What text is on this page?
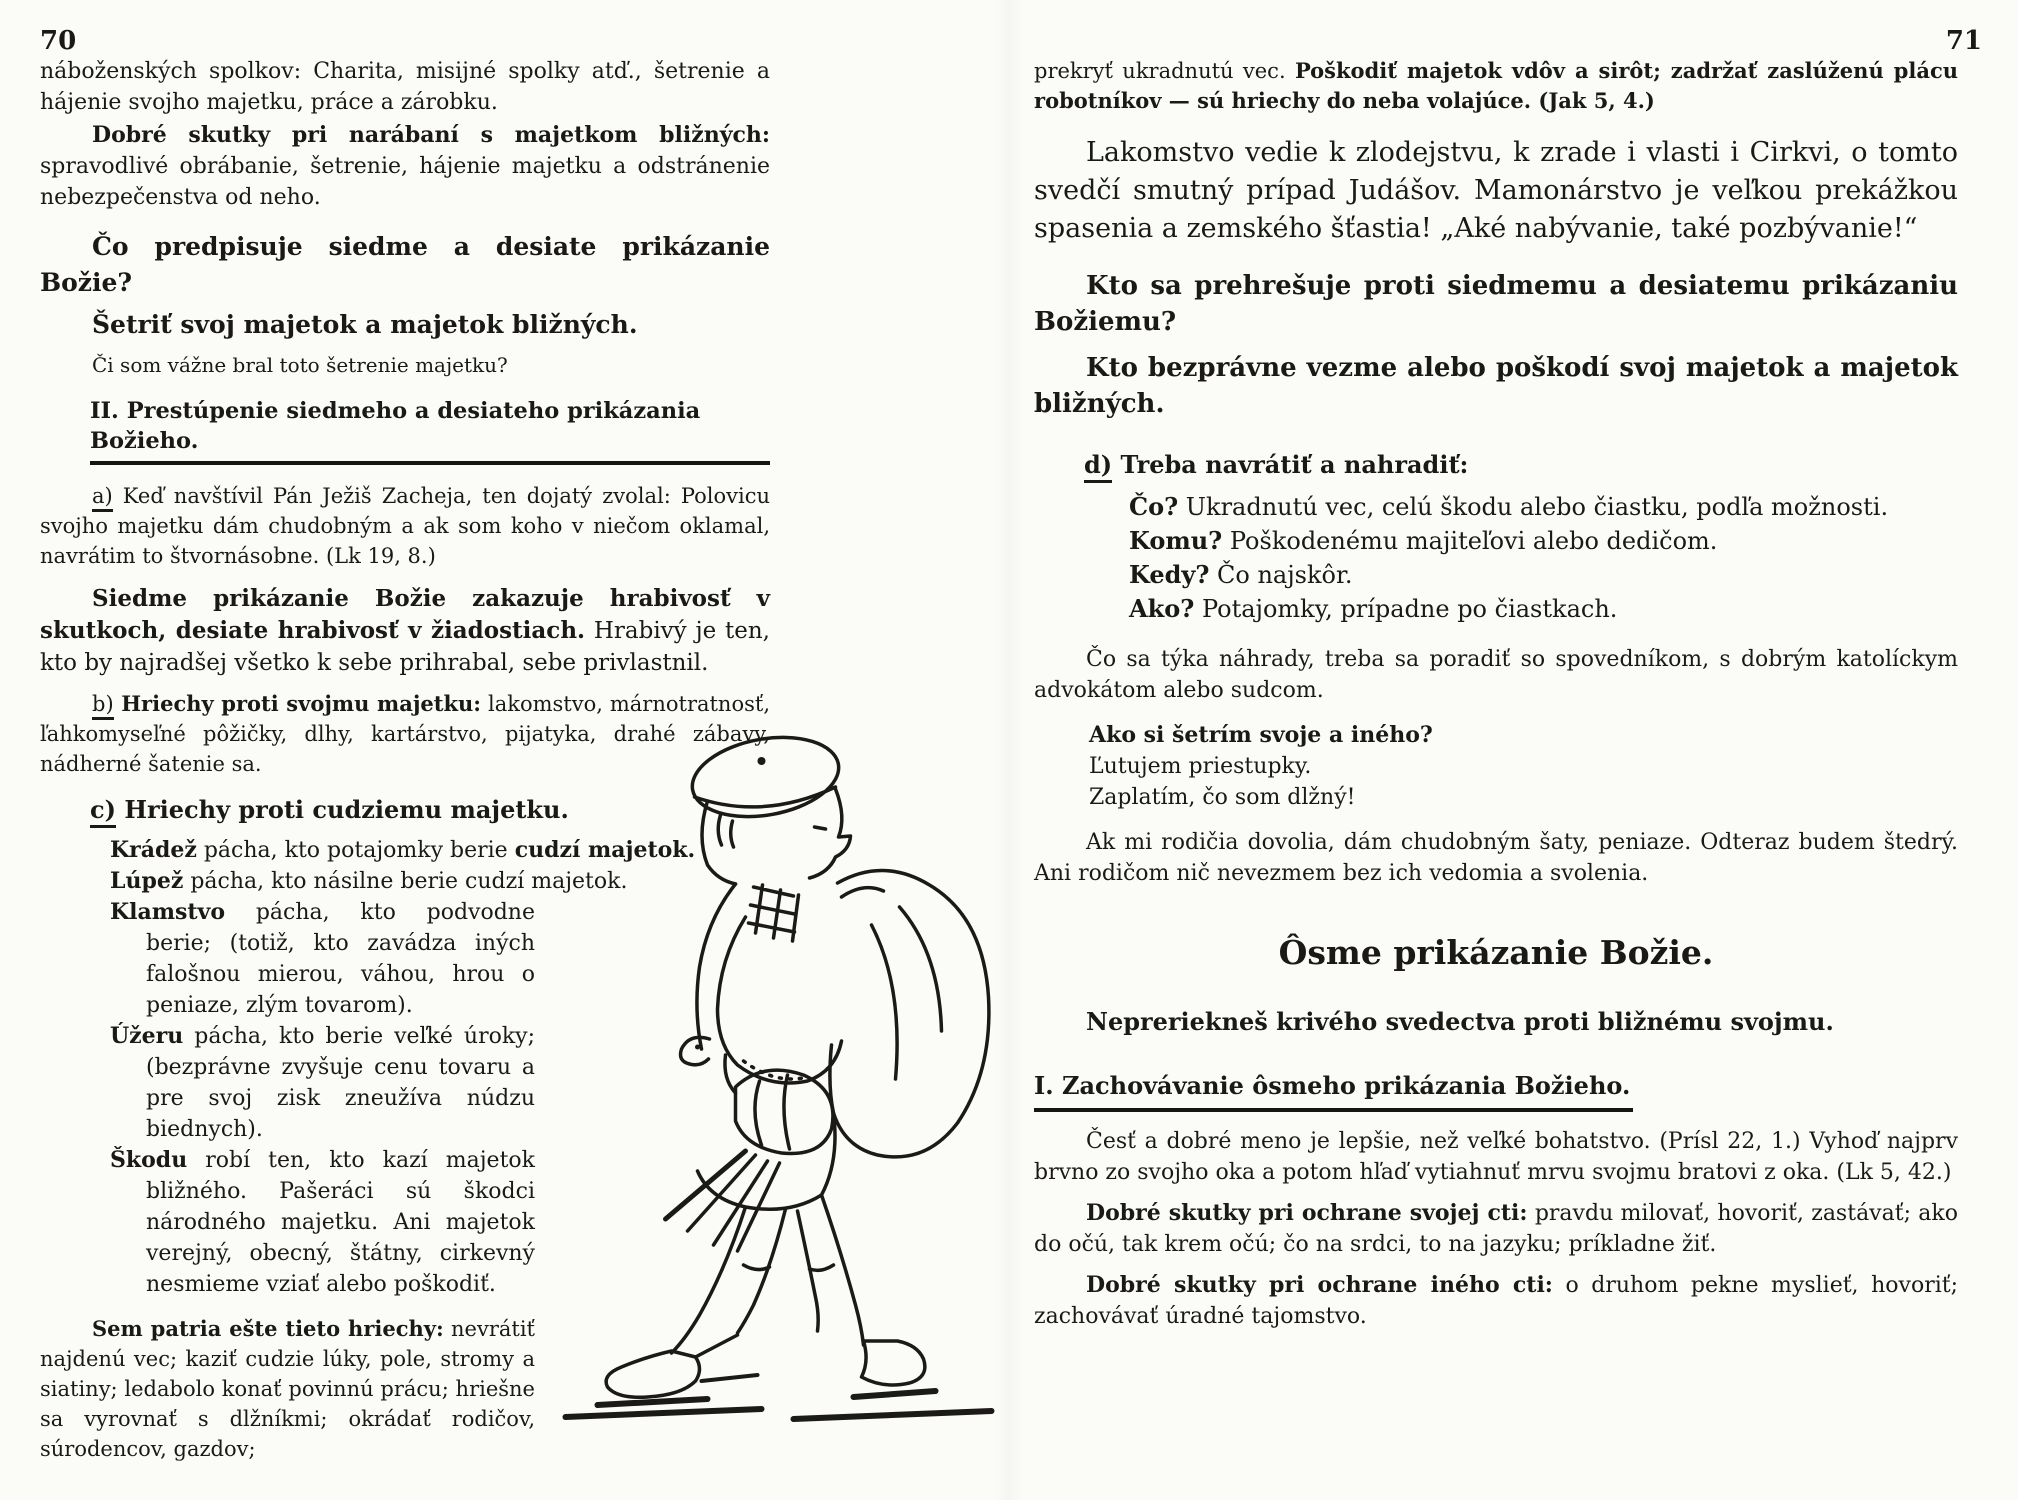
70

náboženských spolkov: Charita, misijné spolky atď., šetrenie a hájenie svojho majetku, práce a zárobku.

Dobré skutky pri narábaní s majetkom bližných: spravodlivé obrábanie, šetrenie, hájenie majetku a odstránenie nebezpečenstva od neho.

Čo predpisuje siedme a desiate prikázanie Božie?

Šetriť svoj majetok a majetok bližných.

Či som vážne bral toto šetrenie majetku?

II. Prestúpenie siedmeho a desiateho prikázania Božieho.

a) Keď navštívil Pán Ježiš Zacheja, ten dojatý zvolal: Polovicu svojho majetku dám chudobným a ak som koho v niečom oklamal, navrátim to štvornásobne. (Lk 19, 8.)

Siedme prikázanie Božie zakazuje hrabivosť v skutkoch, desiate hrabivosť v žiadostiach. Hrabivý je ten, kto by najradšej všetko k sebe prihrabal, sebe privlastnil.

b) Hriechy proti svojmu majetku: lakomstvo, márnotratnosť, ľahkomyseľné pôžičky, dlhy, kartárstvo, pijatyka, drahé zábavy, nádherné šatenie sa.

c) Hriechy proti cudziemu majetku.

Krádež pácha, kto potajomky berie cudzí majetok.

Lúpež pácha, kto násilne berie cudzí majetok.

Klamstvo pácha, kto podvodne berie; (totiž, kto zavádza iných falošnou mierou, váhou, hrou o peniaze, zlým tovarom).

Úžeru pácha, kto berie veľké úroky; (bezprávne zvyšuje cenu tovaru a pre svoj zisk zneužíva núdzu biednych).

Škodu robí ten, kto kazí majetok bližného. Pašeráci sú škodci národného majetku. Ani majetok verejný, obecný, štátny, cirkevný nesmieme vziať alebo poškodiť.

Sem patria ešte tieto hriechy: nevrátiť najdenú vec; kaziť cudzie lúky, pole, stromy a siatiny; ledabolo konať povinnú prácu; hriešne sa vyrovnať s dlžníkmi; okrádať rodičov, súrodencov, gazdov;

71

prekryť ukradnutú vec. Poškodiť majetok vdôv a sirôt; zadržať zaslúženú plácu robotníkov — sú hriechy do neba volajúce. (Jak 5, 4.)

Lakomstvo vedie k zlodejstvu, k zrade i vlasti i Cirkvi, o tomto svedčí smutný prípad Judášov. Mamonárstvo je veľkou prekážkou spasenia a zemského šťastia! „Aké nabývanie, také pozbývanie!“

Kto sa prehrešuje proti siedmemu a desiatemu prikázaniu Božiemu?

Kto bezprávne vezme alebo poškodí svoj majetok a majetok bližných.

d) Treba navrátiť a nahradiť:

Čo? Ukradnutú vec, celú škodu alebo čiastku, podľa možnosti.

Komu? Poškodenému majiteľovi alebo dedičom.

Kedy? Čo najskôr.

Ako? Potajomky, prípadne po čiastkach.

Čo sa týka náhrady, treba sa poradiť so spovedníkom, s dobrým katolíckym advokátom alebo sudcom.

Ako si šetrím svoje a iného?

Ľutujem priestupky.

Zaplatím, čo som dlžný!

Ak mi rodičia dovolia, dám chudobným šaty, peniaze. Odteraz budem štedrý. Ani rodičom nič nevezmem bez ich vedomia a svolenia.

Ôsme prikázanie Božie.

Nepreriekneš krivého svedectva proti bližnému svojmu.

I. Zachovávanie ôsmeho prikázania Božieho.

Česť a dobré meno je lepšie, než veľké bohatstvo. (Prísl 22, 1.) Vyhoď najprv brvno zo svojho oka a potom hľaď vytiahnuť mrvu svojmu bratovi z oka. (Lk 5, 42.)

Dobré skutky pri ochrane svojej cti: pravdu milovať, hovoriť, zastávať; ako do očú, tak krem očú; čo na srdci, to na jazyku; príkladne žiť.

Dobré skutky pri ochrane iného cti: o druhom pekne myslieť, hovoriť; zachovávať úradné tajomstvo.
